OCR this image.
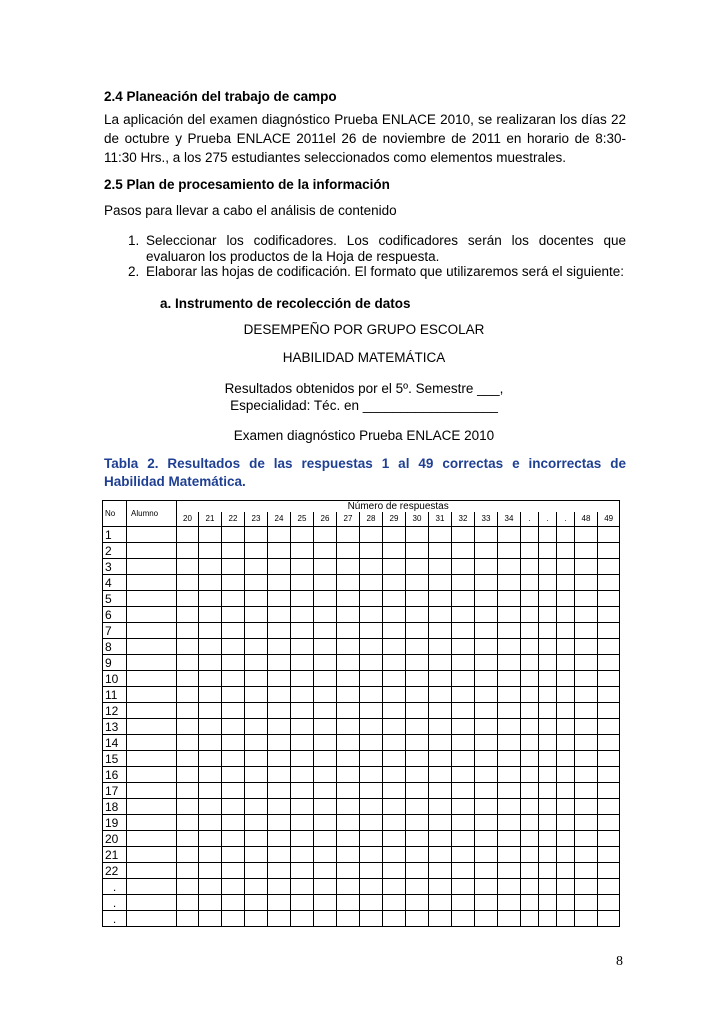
2.4 Planeación del trabajo de campo
La aplicación del examen diagnóstico Prueba ENLACE 2010, se realizaran los días 22 de octubre y Prueba ENLACE 2011el 26 de noviembre de 2011 en horario de 8:30-11:30 Hrs., a los 275 estudiantes seleccionados como elementos muestrales.
2.5 Plan de procesamiento de la información
Pasos para llevar a cabo el análisis de contenido
1. Seleccionar los codificadores. Los codificadores serán los docentes que evaluaron los productos de la Hoja de respuesta.
2. Elaborar las hojas de codificación. El formato que utilizaremos será el siguiente:
a. Instrumento de recolección de datos
DESEMPEÑO POR GRUPO ESCOLAR
HABILIDAD MATEMÁTICA
Resultados obtenidos por el 5º. Semestre ___,
Especialidad: Téc. en __________________
Examen diagnóstico Prueba ENLACE 2010
Tabla 2. Resultados de las respuestas 1 al 49 correctas e incorrectas de Habilidad Matemática.
No	Alumno	Número de respuestas																			
		20	21	22	23	24	25	26	27	28	29	30	31	32	33	34	.	.	.	48	49
1																					
2																					
3																					
4																					
5																					
6																					
7																					
8																					
9																					
10																					
11																					
12																					
13																					
14																					
15																					
16																					
17																					
18																					
19																					
20																					
21																					
22																					
.																					
.																					
.																					
8
